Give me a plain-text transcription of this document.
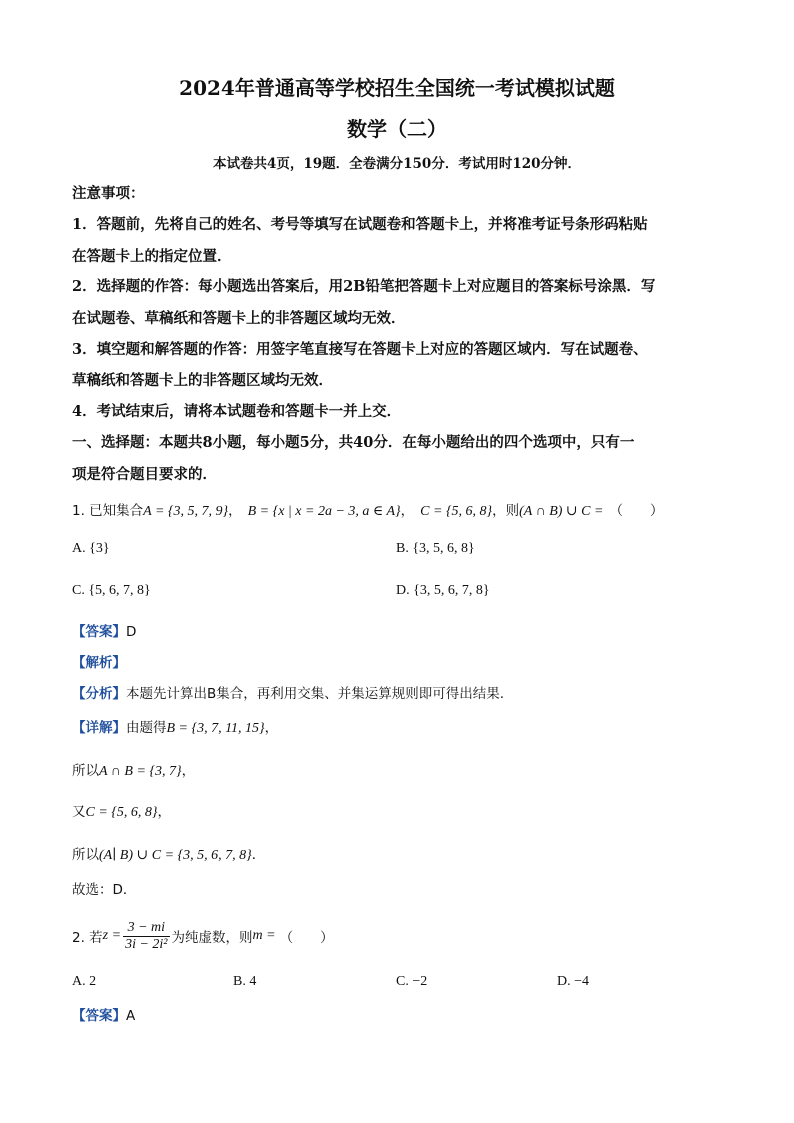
2024年普通高等学校招生全国统一考试模拟试题
数学（二）
本试卷共4页，19题．全卷满分150分．考试用时120分钟．
注意事项：
1．答题前，先将自己的姓名、考号等填写在试题卷和答题卡上，并将准考证号条形码粘贴
在答题卡上的指定位置．
2．选择题的作答：每小题选出答案后，用2B铅笔把答题卡上对应题目的答案标号涂黑．写
在试题卷、草稿纸和答题卡上的非答题区域均无效．
3．填空题和解答题的作答：用签字笔直接写在答题卡上对应的答题区域内．写在试题卷、
草稿纸和答题卡上的非答题区域均无效．
4．考试结束后，请将本试题卷和答题卡一并上交．
一、选择题：本题共8小题，每小题5分，共40分．在每小题给出的四个选项中，只有一
项是符合题目要求的．
1. 已知集合A = {3, 5, 7, 9}， B = {x | x = 2a − 3, a ∈ A}， C = {5, 6, 8}，则(A ∩ B) ∪ C = （　　）
A. {3}	B. {3, 5, 6, 8}
C. {5, 6, 7, 8}	D. {3, 5, 6, 7, 8}
【答案】D
【解析】
【分析】本题先计算出B集合，再利用交集、并集运算规则即可得出结果.
【详解】由题得B = {3, 7, 11, 15}，
所以A ∩ B = {3, 7}，
又C = {5, 6, 8}，
所以(A∣ B) ∪ C = {3, 5, 6, 7, 8}．
故选：D．
2. 若 $z = \frac{3 - mi}{\text{3i − 2i²}}$ 为纯虚数，则 m = （　　）
A. 2	B. 4	C. −2	D. −4
【答案】A
